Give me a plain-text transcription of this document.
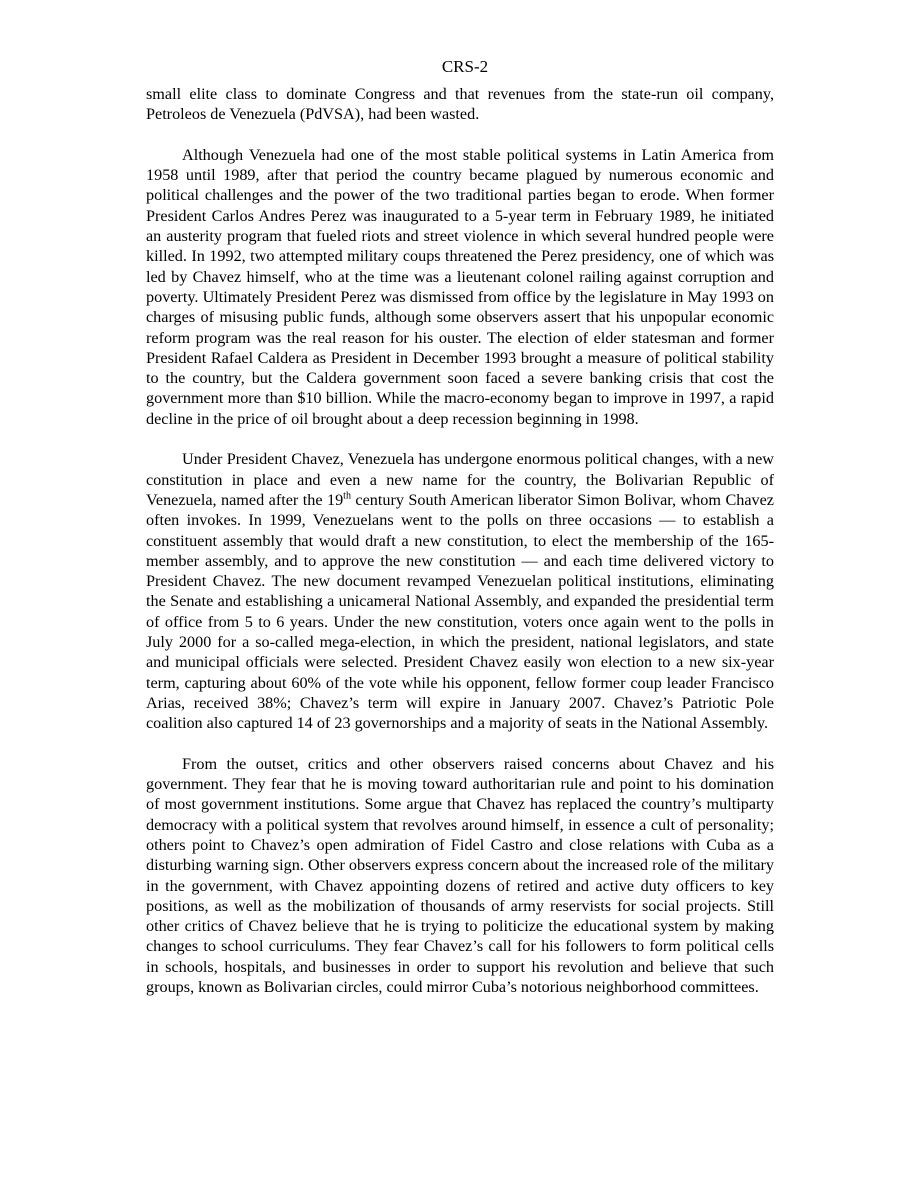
CRS-2

small elite class to dominate Congress and that revenues from the state-run oil company, Petroleos de Venezuela (PdVSA), had been wasted.

Although Venezuela had one of the most stable political systems in Latin America from 1958 until 1989, after that period the country became plagued by numerous economic and political challenges and the power of the two traditional parties began to erode. When former President Carlos Andres Perez was inaugurated to a 5-year term in February 1989, he initiated an austerity program that fueled riots and street violence in which several hundred people were killed. In 1992, two attempted military coups threatened the Perez presidency, one of which was led by Chavez himself, who at the time was a lieutenant colonel railing against corruption and poverty. Ultimately President Perez was dismissed from office by the legislature in May 1993 on charges of misusing public funds, although some observers assert that his unpopular economic reform program was the real reason for his ouster. The election of elder statesman and former President Rafael Caldera as President in December 1993 brought a measure of political stability to the country, but the Caldera government soon faced a severe banking crisis that cost the government more than $10 billion. While the macro-economy began to improve in 1997, a rapid decline in the price of oil brought about a deep recession beginning in 1998.

Under President Chavez, Venezuela has undergone enormous political changes, with a new constitution in place and even a new name for the country, the Bolivarian Republic of Venezuela, named after the 19th century South American liberator Simon Bolivar, whom Chavez often invokes. In 1999, Venezuelans went to the polls on three occasions — to establish a constituent assembly that would draft a new constitution, to elect the membership of the 165-member assembly, and to approve the new constitution — and each time delivered victory to President Chavez. The new document revamped Venezuelan political institutions, eliminating the Senate and establishing a unicameral National Assembly, and expanded the presidential term of office from 5 to 6 years. Under the new constitution, voters once again went to the polls in July 2000 for a so-called mega-election, in which the president, national legislators, and state and municipal officials were selected. President Chavez easily won election to a new six-year term, capturing about 60% of the vote while his opponent, fellow former coup leader Francisco Arias, received 38%; Chavez’s term will expire in January 2007. Chavez’s Patriotic Pole coalition also captured 14 of 23 governorships and a majority of seats in the National Assembly.

From the outset, critics and other observers raised concerns about Chavez and his government. They fear that he is moving toward authoritarian rule and point to his domination of most government institutions. Some argue that Chavez has replaced the country’s multiparty democracy with a political system that revolves around himself, in essence a cult of personality; others point to Chavez’s open admiration of Fidel Castro and close relations with Cuba as a disturbing warning sign. Other observers express concern about the increased role of the military in the government, with Chavez appointing dozens of retired and active duty officers to key positions, as well as the mobilization of thousands of army reservists for social projects. Still other critics of Chavez believe that he is trying to politicize the educational system by making changes to school curriculums. They fear Chavez’s call for his followers to form political cells in schools, hospitals, and businesses in order to support his revolution and believe that such groups, known as Bolivarian circles, could mirror Cuba’s notorious neighborhood committees.
